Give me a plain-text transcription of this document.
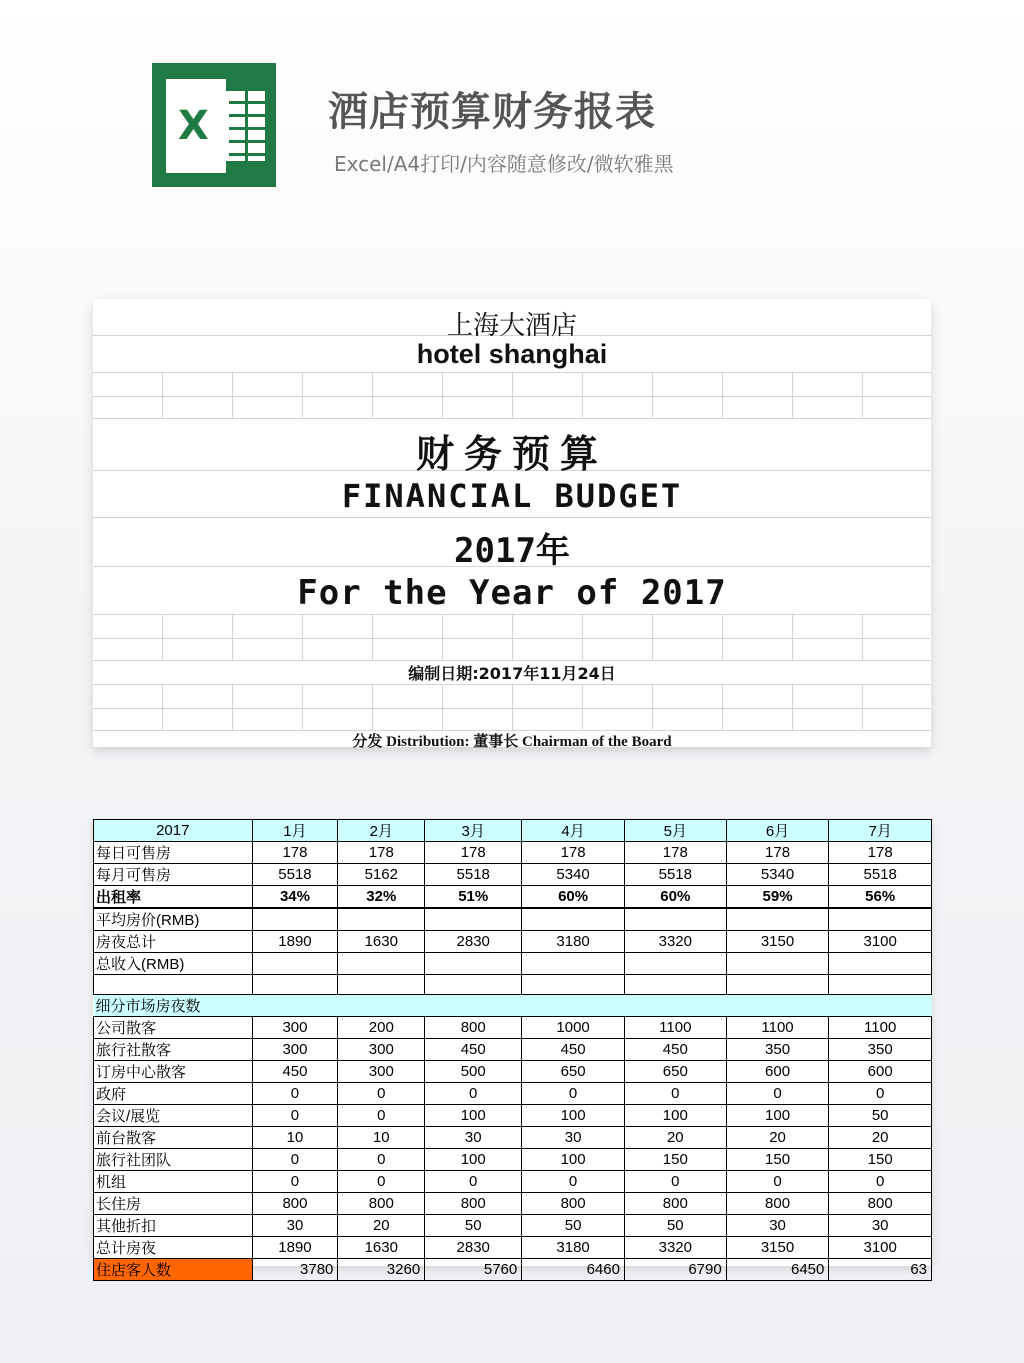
X	酒店预算财务报表
Excel/A4打印/内容随意修改/微软雅黑
上海大酒店
hotel shanghai
财务预算
FINANCIAL BUDGET
2017年
For the Year of 2017
编制日期:2017年11月24日
分发 Distribution: 董事长 Chairman of the Board
2017	1月	2月	3月	4月	5月	6月	7月
每日可售房	178	178	178	178	178	178	178
每月可售房	5518	5162	5518	5340	5518	5340	5518
出租率	34%	32%	51%	60%	60%	59%	56%
平均房价(RMB)							
房夜总计	1890	1630	2830	3180	3320	3150	3100
总收入(RMB)							

细分市场房夜数							
公司散客	300	200	800	1000	1100	1100	1100
旅行社散客	300	300	450	450	450	350	350
订房中心散客	450	300	500	650	650	600	600
政府	0	0	0	0	0	0	0
会议/展览	0	0	100	100	100	100	50
前台散客	10	10	30	30	20	20	20
旅行社团队	0	0	100	100	150	150	150
机组	0	0	0	0	0	0	0
长住房	800	800	800	800	800	800	800
其他折扣	30	20	50	50	50	30	30
总计房夜	1890	1630	2830	3180	3320	3150	3100
住店客人数	3780	3260	5760	6460	6790	6450	63
